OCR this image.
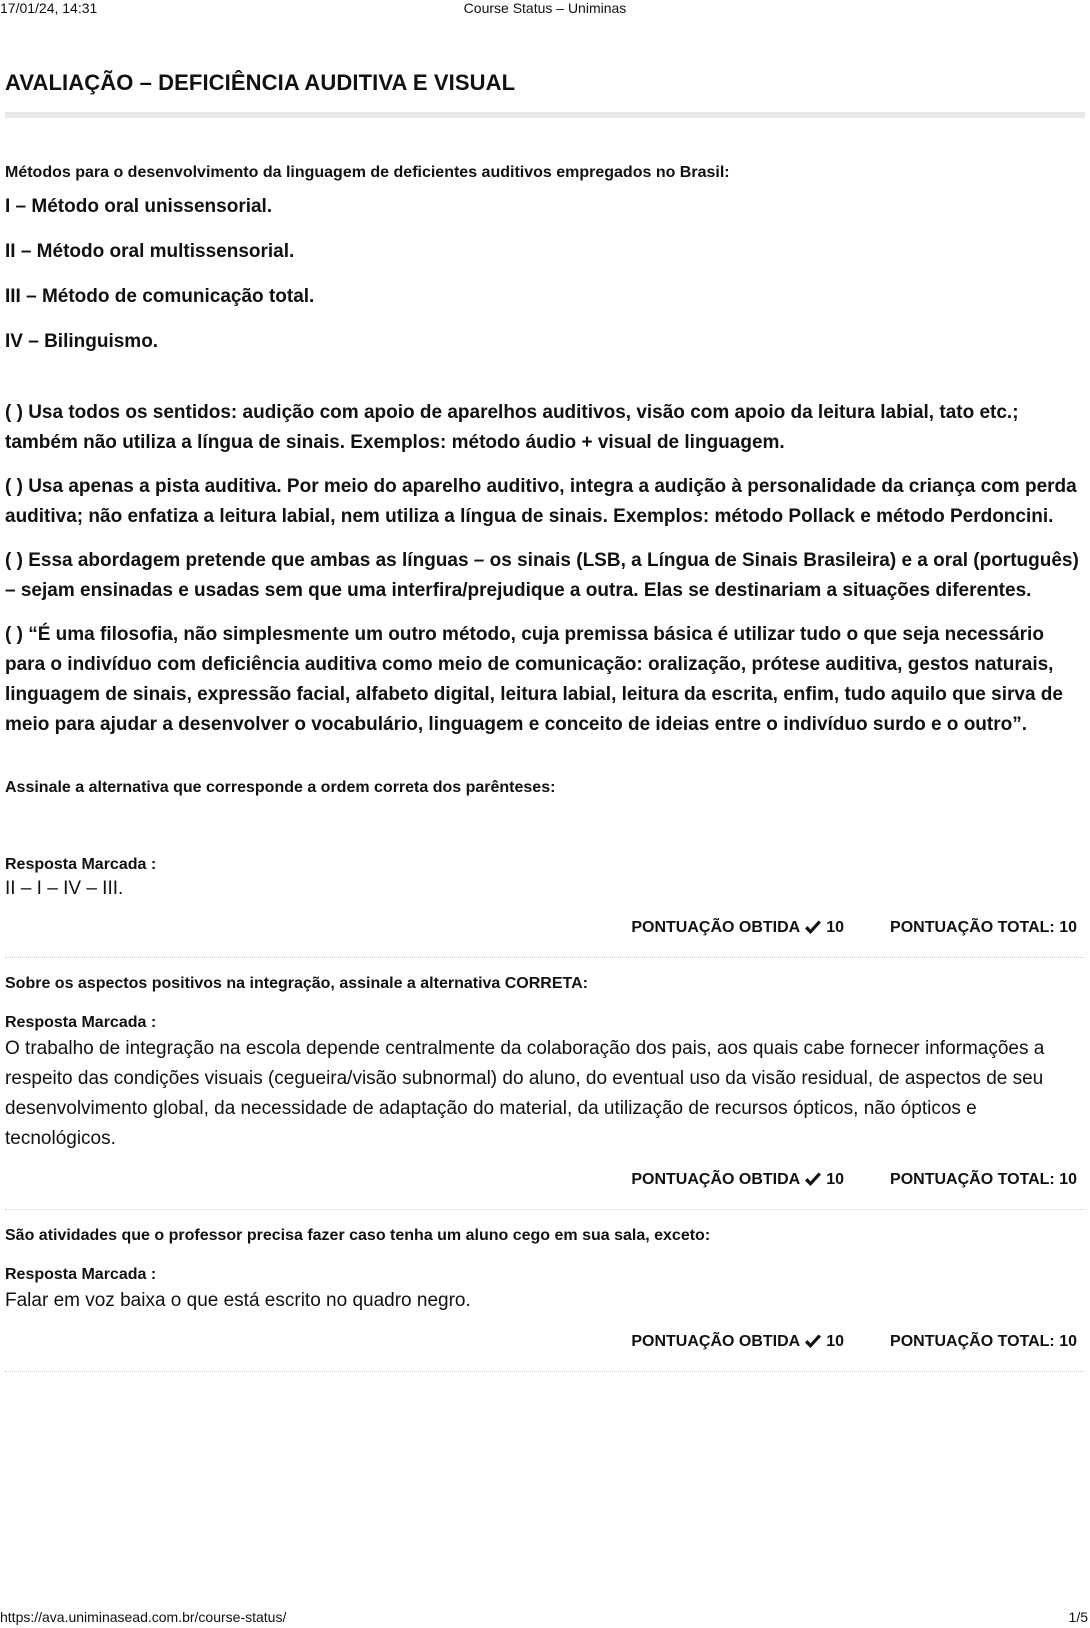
17/01/24, 14:31	Course Status – Uniminas
AVALIAÇÃO – DEFICIÊNCIA AUDITIVA E VISUAL
Métodos para o desenvolvimento da linguagem de deficientes auditivos empregados no Brasil:
I – Método oral unissensorial.
II – Método oral multissensorial.
III – Método de comunicação total.
IV – Bilinguismo.
( ) Usa todos os sentidos: audição com apoio de aparelhos auditivos, visão com apoio da leitura labial, tato etc.; também não utiliza a língua de sinais. Exemplos: método áudio + visual de linguagem.
( ) Usa apenas a pista auditiva. Por meio do aparelho auditivo, integra a audição à personalidade da criança com perda auditiva; não enfatiza a leitura labial, nem utiliza a língua de sinais. Exemplos: método Pollack e método Perdoncini.
( ) Essa abordagem pretende que ambas as línguas – os sinais (LSB, a Língua de Sinais Brasileira) e a oral (português) – sejam ensinadas e usadas sem que uma interfira/prejudique a outra. Elas se destinariam a situações diferentes.
( ) “É uma filosofia, não simplesmente um outro método, cuja premissa básica é utilizar tudo o que seja necessário para o indivíduo com deficiência auditiva como meio de comunicação: oralização, prótese auditiva, gestos naturais, linguagem de sinais, expressão facial, alfabeto digital, leitura labial, leitura da escrita, enfim, tudo aquilo que sirva de meio para ajudar a desenvolver o vocabulário, linguagem e conceito de ideias entre o indivíduo surdo e o outro”.
Assinale a alternativa que corresponde a ordem correta dos parênteses:
Resposta Marcada :
II – I – IV – III.
PONTUAÇÃO OBTIDA 10	PONTUAÇÃO TOTAL: 10
Sobre os aspectos positivos na integração, assinale a alternativa CORRETA:
Resposta Marcada :
O trabalho de integração na escola depende centralmente da colaboração dos pais, aos quais cabe fornecer informações a respeito das condições visuais (cegueira/visão subnormal) do aluno, do eventual uso da visão residual, de aspectos de seu desenvolvimento global, da necessidade de adaptação do material, da utilização de recursos ópticos, não ópticos e tecnológicos.
PONTUAÇÃO OBTIDA 10	PONTUAÇÃO TOTAL: 10
São atividades que o professor precisa fazer caso tenha um aluno cego em sua sala, exceto:
Resposta Marcada :
Falar em voz baixa o que está escrito no quadro negro.
PONTUAÇÃO OBTIDA 10	PONTUAÇÃO TOTAL: 10
https://ava.uniminasead.com.br/course-status/	1/5
